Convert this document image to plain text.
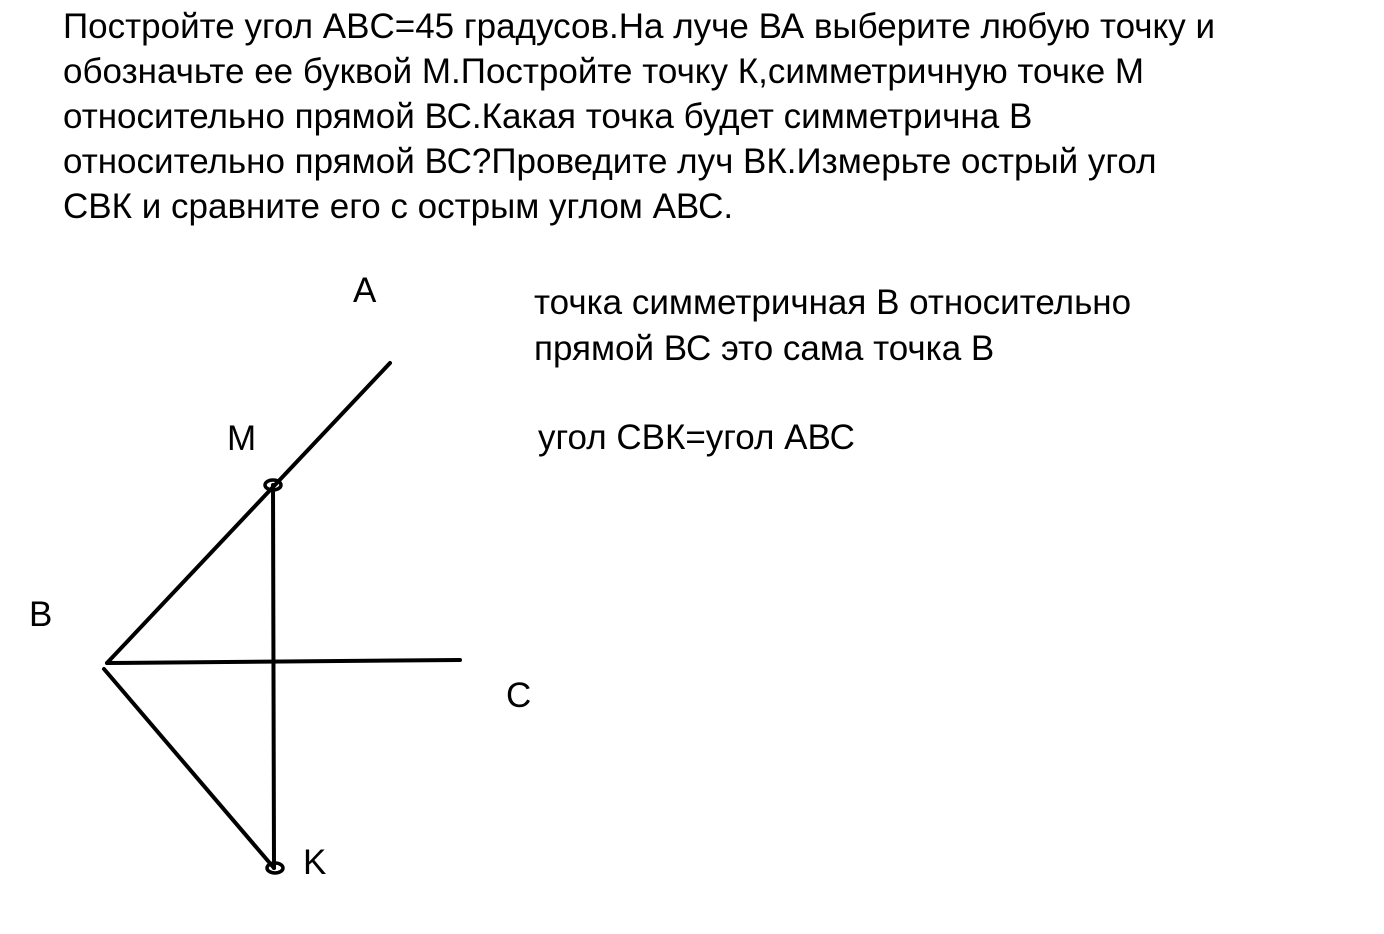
Постройте угол ABC=45 градусов.На луче ВА выберите любую точку и
обозначьте ее буквой М.Постройте точку К,симметричную точке М
относительно прямой ВС.Какая точка будет симметрична В
относительно прямой ВС?Проведите луч ВК.Измерьте острый угол
СВК и сравните его с острым углом АВС.
точка симметричная В относительно
прямой ВС это сама точка В
угол СВК=угол АВС
A
M
B
C
K
